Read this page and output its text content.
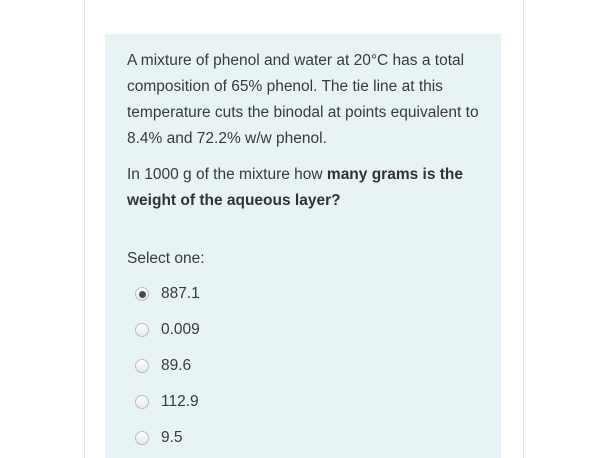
A mixture of phenol and water at 20°C has a total composition of 65% phenol. The tie line at this temperature cuts the binodal at points equivalent to 8.4% and 72.2% w/w phenol.

In 1000 g of the mixture how many grams is the weight of the aqueous layer?

Select one:
887.1
0.009
89.6
112.9
9.5
